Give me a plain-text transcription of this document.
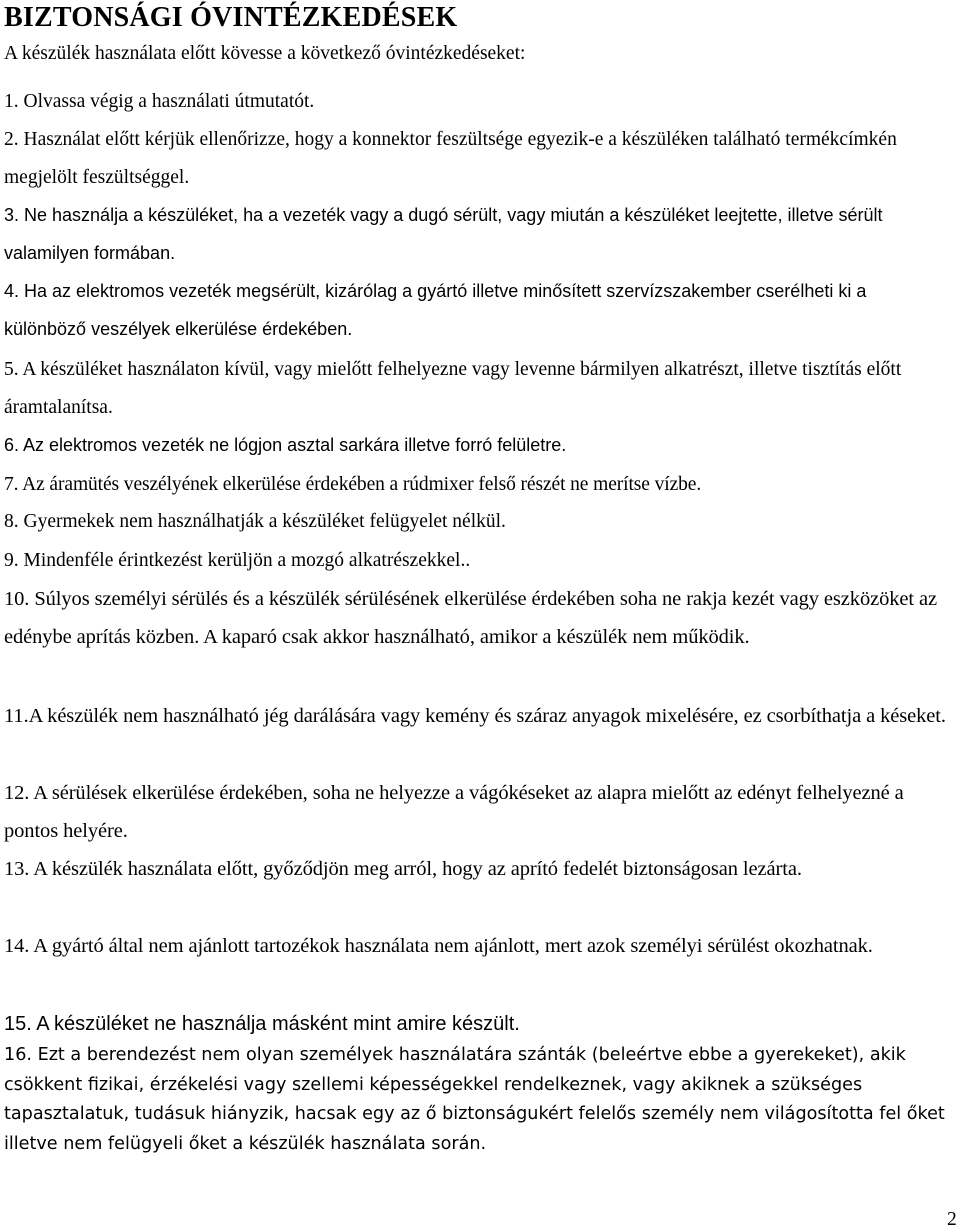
BIZTONSÁGI ÓVINTÉZKEDÉSEK
A készülék használata előtt kövesse a következő óvintézkedéseket:
1. Olvassa végig a használati útmutatót.
2. Használat előtt kérjük ellenőrizze, hogy a konnektor feszültsége egyezik-e a készüléken található termékcímkén megjelölt feszültséggel.
3. Ne használja a készüléket, ha a vezeték vagy a dugó sérült, vagy miután a készüléket leejtette, illetve sérült valamilyen formában.
4. Ha az elektromos vezeték megsérült, kizárólag a gyártó illetve minősített szervízszakember cserélheti ki a különböző veszélyek elkerülése érdekében.
5. A készüléket használaton kívül, vagy mielőtt felhelyezne vagy levenne bármilyen alkatrészt, illetve tisztítás előtt áramtalanítsa.
6. Az elektromos vezeték ne lógjon asztal sarkára illetve forró felületre.
7. Az áramütés veszélyének elkerülése érdekében a rúdmixer felső részét ne merítse vízbe.
8. Gyermekek nem használhatják a készüléket felügyelet nélkül.
9. Mindenféle érintkezést kerüljön a mozgó alkatrészekkel..
10. Súlyos személyi sérülés és a készülék sérülésének elkerülése érdekében soha ne rakja kezét vagy eszközöket az edénybe aprítás közben. A kaparó csak akkor használható, amikor a készülék nem működik.
11.A készülék nem használható jég darálására vagy kemény és száraz anyagok mixelésére, ez csorbíthatja a késeket.
12. A sérülések elkerülése érdekében, soha ne helyezze a vágókéseket az alapra mielőtt az edényt felhelyezné a pontos helyére.
13. A készülék használata előtt, győződjön meg arról, hogy az aprító fedelét biztonságosan lezárta.
14. A gyártó által nem ajánlott tartozékok használata nem ajánlott, mert azok személyi sérülést okozhatnak.
15. A készüléket ne használja másként mint amire készült.
16. Ezt a berendezést nem olyan személyek használatára szánták (beleértve ebbe a gyerekeket), akik csökkent fizikai, érzékelési vagy szellemi képességekkel rendelkeznek, vagy akiknek a szükséges tapasztalatuk, tudásuk hiányzik, hacsak egy az ő biztonságukért felelős személy nem világosította fel őket illetve nem felügyeli őket a készülék használata során.
2
